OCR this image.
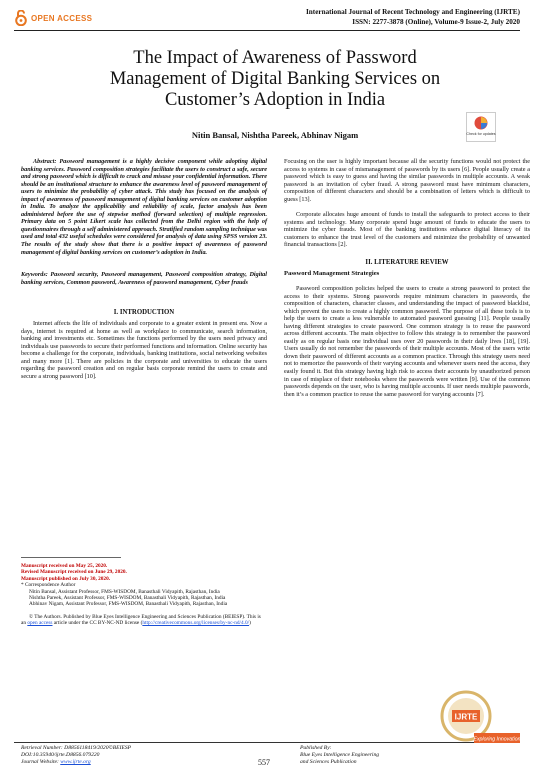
OPEN ACCESS
International Journal of Recent Technology and Engineering (IJRTE)
ISSN: 2277-3878 (Online), Volume-9 Issue-2, July 2020
The Impact of Awareness of Password
Management of Digital Banking Services on
Customer’s Adoption in India
Nitin Bansal, Nishtha Pareek, Abhinav Nigam	Check for updates
Abstract: Password management is a highly decisive component while adopting digital banking services. Password composition strategies facilitate the users to construct a safe, secure and strong password which is difficult to crack and misuse your confidential information. There should be an institutional structure to enhance the awareness level of password management of users to minimize the probability of cyber attack. This study has focused on the analysis of impact of awareness of password management of digital banking services on customer adoption in India. To analyze the applicability and reliability of scale, factor analysis has been administered before the use of stepwise method (forward selection) of multiple regression. Primary data on 5 point Likert scale has collected from the Delhi region with the help of questionnaires through a self administered approach. Stratified random sampling technique was used and total 432 useful schedules were considered for analysis of data using SPSS version 23. The results of the study show that there is a positive impact of awareness of password management of digital banking services on customer’s adoption in India.
Keywords: Password security, Password management, Password composition strategy, Digital banking services, Common password, Awareness of password management, Cyber frauds
I. INTRODUCTION
Internet affects the life of individuals and corporate to a greater extent in present era. Now a days, internet is required at home as well as workplace to communicate, search information, banking and investments etc. Sometimes the functions performed by the users need privacy and individuals use passwords to secure their performed functions and information. Online security has become a challenge for the corporate, individuals, banking institutions, social networking websites and many more [1]. There are policies in the corporate and universities to educate the users regarding the password creation and on regular basis corporate remind the users to create and secure a strong password [10].
Manuscript received on May 25, 2020.
Revised Manuscript received on June 29, 2020.
Manuscript published on July 30, 2020.
* Correspondence Author
Nitin Bansal, Assistant Professor, FMS-WISDOM, Banasthali Vidyapith, Rajasthan, India
Nishtha Pareek, Assistant Professor, FMS-WISDOM, Banasthali Vidyapith, Rajasthan, India
Abhinav Nigam, Assistant Professor, FMS-WISDOM, Banasthali Vidyapith, Rajasthan, India
© The Authors. Published by Blue Eyes Intelligence Engineering and Sciences Publication (BEIESP). This is an open access article under the CC BY-NC-ND license (http://creativecommons.org/licenses/by-nc-nd/4.0/)
Focusing on the user is highly important because all the security functions would not protect the access to systems in case of mismanagement of passwords by its users [6]. People usually create a password which is easy to guess and having the similar passwords in multiple accounts. A weak password is an invitation of cyber fraud. A strong password must have minimum characters, composition of different characters and should be a combination of letters which is difficult to guess [13].
Corporate allocates huge amount of funds to install the safeguards to protect access to their systems and technology. Many corporate spend huge amount of funds to educate the users to minimize the cyber frauds. Most of the banking institutions enhance digital literacy of its customers to enhance the trust level of the customers and minimize the probability of unwanted financial transactions [2].
II. LITERATURE REVIEW
Password Management Strategies
Password composition policies helped the users to create a strong password to protect the access to their systems. Strong passwords require minimum characters in passwords, the composition of characters, character classes, and understanding the impact of password blacklist, which prevent the users to create a highly common password. The purpose of all these tools is to help the users to create a less vulnerable to automated password guessing [11]. People usually having different strategies to create password. One common strategy is to reuse the password across different accounts. The main objective to follow this strategy is to remember the password easily as on regular basis one individual uses over 20 passwords in their daily lives [18], [19]. Users usually do not remember the passwords of their multiple accounts. Most of the users write down their password of different accounts as a common practice. Through this strategy users need not to memorize the passwords of their varying accounts and whenever users need the access, they easily found it. But this strategy having high risk to access their accounts by unauthorized person in case of misplace of their notebooks where the passwords were written [9]. Use of the common passwords depends on the user, who is having multiple accounts. If user needs multiple passwords, then it’s a common practice to reuse the same password for varying accounts [7].
Retrieval Number: D8856118419/2020©BEIESP
DOI:10.35940/ijrte.D8856.079220
Journal Website: www.ijrte.org	557
Published By:
Blue Eyes Intelligence Engineering
and Sciences Publication
IJRTE
Exploring Innovation
